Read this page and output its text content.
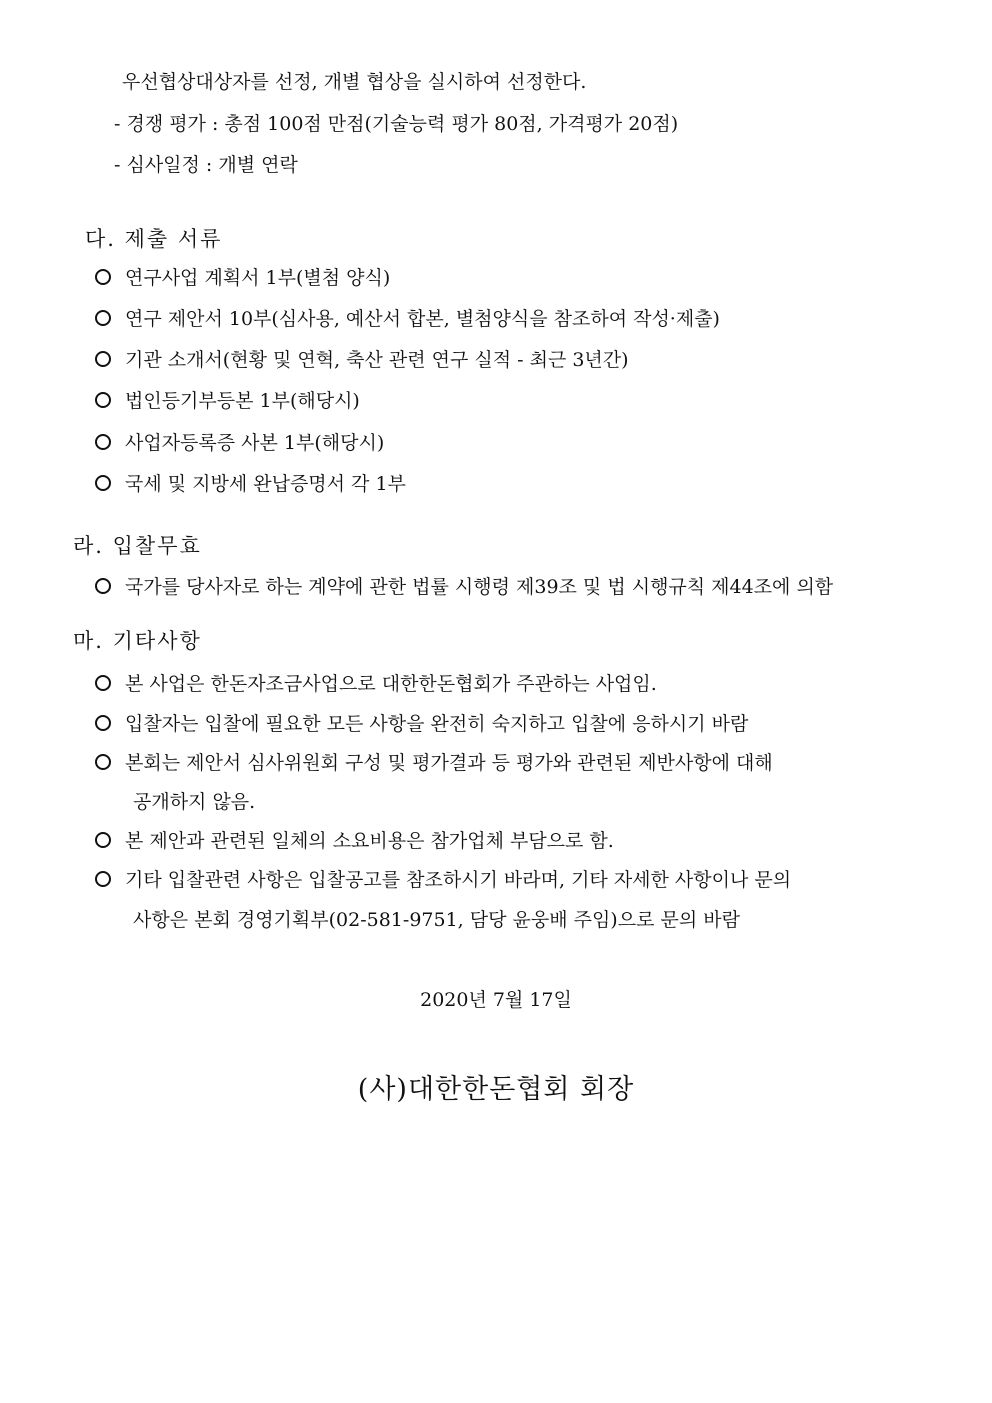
우선협상대상자를 선정, 개별 협상을 실시하여 선정한다.
- 경쟁 평가 : 총점 100점 만점(기술능력 평가 80점, 가격평가 20점)
- 심사일정 : 개별 연락
다. 제출 서류
연구사업 계획서 1부(별첨 양식)
연구 제안서 10부(심사용, 예산서 합본, 별첨양식을 참조하여 작성·제출)
기관 소개서(현황 및 연혁, 축산 관련 연구 실적 - 최근 3년간)
법인등기부등본 1부(해당시)
사업자등록증 사본 1부(해당시)
국세 및 지방세 완납증명서 각 1부
라. 입찰무효
국가를 당사자로 하는 계약에 관한 법률 시행령 제39조 및 법 시행규칙 제44조에 의함
마. 기타사항
본 사업은 한돈자조금사업으로 대한한돈협회가 주관하는 사업임.
입찰자는 입찰에 필요한 모든 사항을 완전히 숙지하고 입찰에 응하시기 바람
본회는 제안서 심사위원회 구성 및 평가결과 등 평가와 관련된 제반사항에 대해
공개하지 않음.
본 제안과 관련된 일체의 소요비용은 참가업체 부담으로 함.
기타 입찰관련 사항은 입찰공고를 참조하시기 바라며, 기타 자세한 사항이나 문의
사항은 본회 경영기획부(02-581-9751, 담당 윤웅배 주임)으로 문의 바람
2020년 7월 17일
(사)대한한돈협회 회장
